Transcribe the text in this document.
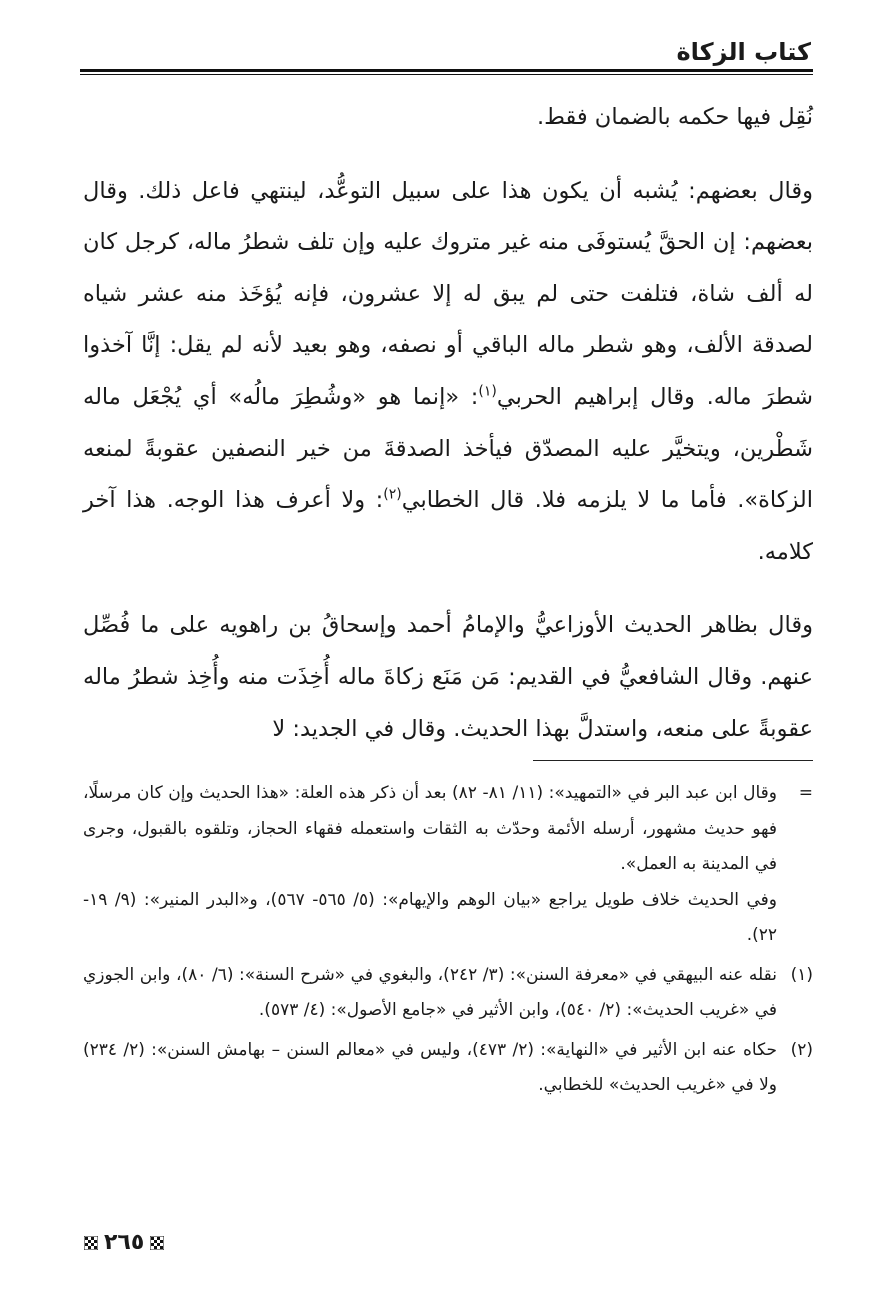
كتاب الزكاة

نُقِل فيها حكمه بالضمان فقط.

وقال بعضهم: يُشبه أن يكون هذا على سبيل التوعُّد، لينتهي فاعل ذلك. وقال بعضهم: إن الحقَّ يُستوفَى منه غير متروك عليه وإن تلف شطرُ ماله، كرجل كان له ألف شاة، فتلفت حتى لم يبق له إلا عشرون، فإنه يُؤخَذ منه عشر شياه لصدقة الألف، وهو شطر ماله الباقي أو نصفه، وهو بعيد لأنه لم يقل: إنَّا آخذوا شطرَ ماله. وقال إبراهيم الحربي$^{(١)}$: «إنما هو «وشُطِرَ مالُه» أي يُجْعَل ماله شَطْرين، ويتخيَّر عليه المصدّق فيأخذ الصدقةَ من خير النصفين عقوبةً لمنعه الزكاة». فأما ما لا يلزمه فلا. قال الخطابي$^{(٢)}$: ولا أعرف هذا الوجه. هذا آخر كلامه.

وقال بظاهر الحديث الأوزاعيُّ والإمامُ أحمد وإسحاقُ بن راهويه على ما فُصِّل عنهم. وقال الشافعيُّ في القديم: مَن مَنَع زكاةَ ماله أُخِذَت منه وأُخِذ شطرُ ماله عقوبةً على منعه، واستدلَّ بهذا الحديث. وقال في الجديد: لا

=
وقال ابن عبد البر في «التمهيد»: (١١/ ٨١- ٨٢) بعد أن ذكر هذه العلة: «هذا الحديث وإن كان مرسلًا، فهو حديث مشهور، أرسله الأئمة وحدّث به الثقات واستعمله فقهاء الحجاز، وتلقوه بالقبول، وجرى في المدينة به العمل».
وفي الحديث خلاف طويل يراجع «بيان الوهم والإيهام»: (٥/ ٥٦٥- ٥٦٧)، و«البدر المنير»: (٩/ ١٩- ٢٢).
(١)
نقله عنه البيهقي في «معرفة السنن»: (٣/ ٢٤٢)، والبغوي في «شرح السنة»: (٦/ ٨٠)، وابن الجوزي في «غريب الحديث»: (٢/ ٥٤٠)، وابن الأثير في «جامع الأصول»: (٤/ ٥٧٣).
(٢)
حكاه عنه ابن الأثير في «النهاية»: (٢/ ٤٧٣)، وليس في «معالم السنن – بهامش السنن»: (٢/ ٢٣٤) ولا في «غريب الحديث» للخطابي.
٢٦٥
